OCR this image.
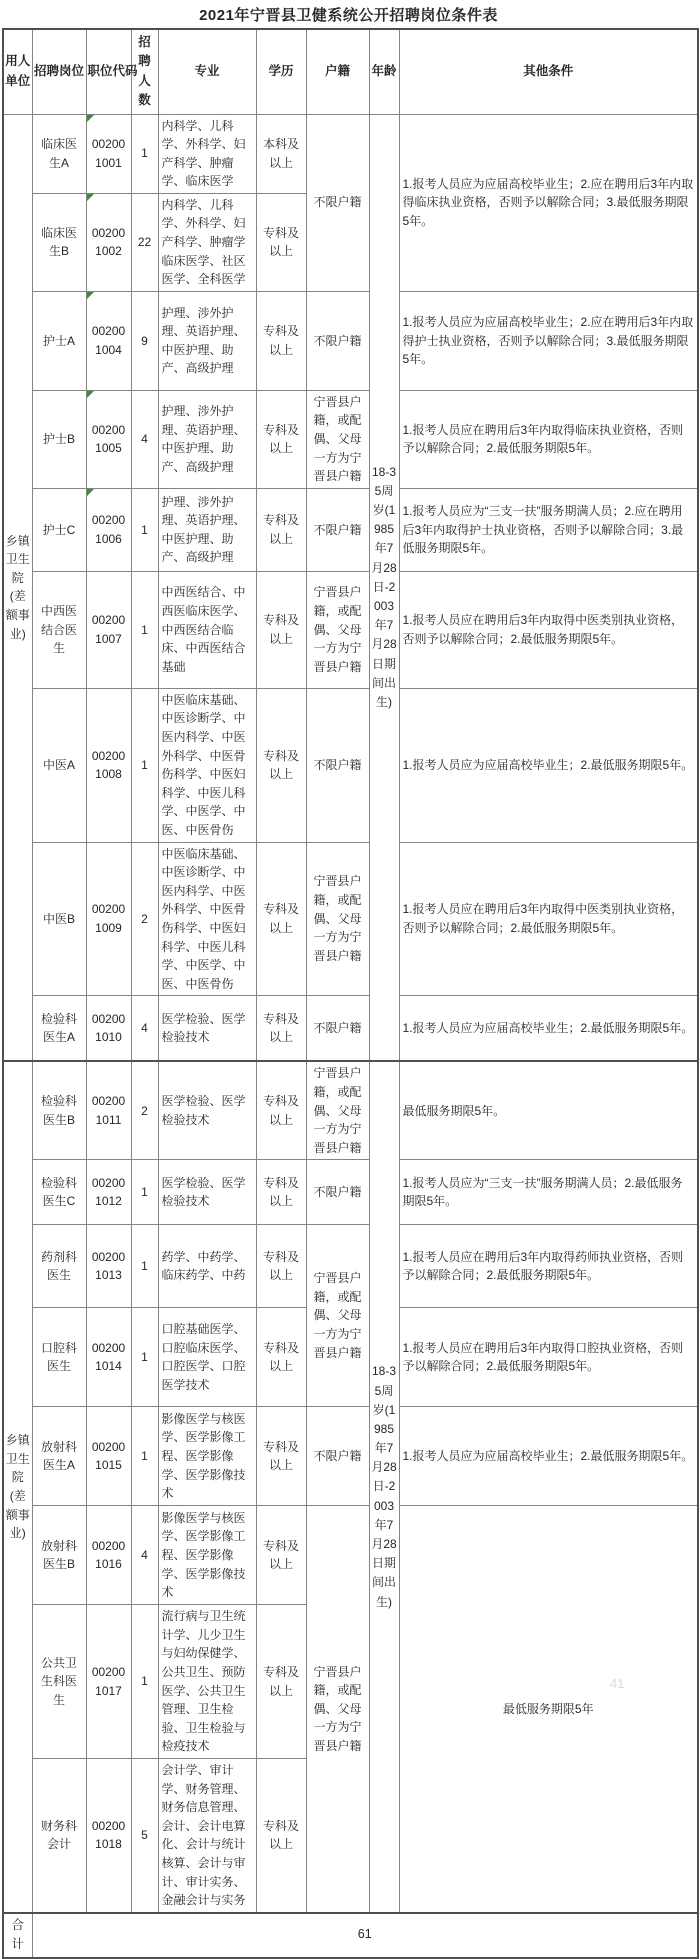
2021年宁晋县卫健系统公开招聘岗位条件表
用人单位	招聘岗位	职位代码	招聘人数	专业	学历	户籍	年龄	其他条件
乡镇卫生院(差额事业)	临床医生A	002001001	1	内科学、儿科学、外科学、妇产科学、肿瘤学、临床医学	本科及以上	不限户籍	18-35周岁(1985年7月28日-2003年7月28日期间出生)	1.报考人员应为应届高校毕业生；2.应在聘用后3年内取得临床执业资格，否则予以解除合同；3.最低服务期限5年。
	临床医生B	002001002	22	内科学、儿科学、外科学、妇产科学、肿瘤学临床医学、社区医学、全科医学	专科及以上			
	护士A	002001004	9	护理、涉外护理、英语护理、中医护理、助产、高级护理	专科及以上	不限户籍		1.报考人员应为应届高校毕业生；2.应在聘用后3年内取得护士执业资格，否则予以解除合同；3.最低服务期限5年。
	护士B	002001005	4	护理、涉外护理、英语护理、中医护理、助产、高级护理	专科及以上	宁晋县户籍，或配偶、父母一方为宁晋县户籍		1.报考人员应在聘用后3年内取得临床执业资格，否则予以解除合同；2.最低服务期限5年。
	护士C	002001006	1	护理、涉外护理、英语护理、中医护理、助产、高级护理	专科及以上	不限户籍		1.报考人员应为“三支一扶”服务期满人员；2.应在聘用后3年内取得护士执业资格，否则予以解除合同；3.最低服务期限5年。
	中西医结合医生	002001007	1	中西医结合、中西医临床医学、中西医结合临床、中西医结合基础	专科及以上	宁晋县户籍，或配偶、父母一方为宁晋县户籍		1.报考人员应在聘用后3年内取得中医类别执业资格，否则予以解除合同；2.最低服务期限5年。
	中医A	002001008	1	中医临床基础、中医诊断学、中医内科学、中医外科学、中医骨伤科学、中医妇科学、中医儿科学、中医学、中医、中医骨伤	专科及以上	不限户籍		1.报考人员应为应届高校毕业生；2.最低服务期限5年。
	中医B	002001009	2	中医临床基础、中医诊断学、中医内科学、中医外科学、中医骨伤科学、中医妇科学、中医儿科学、中医学、中医、中医骨伤	专科及以上	宁晋县户籍，或配偶、父母一方为宁晋县户籍		1.报考人员应在聘用后3年内取得中医类别执业资格，否则予以解除合同；2.最低服务期限5年。
	检验科医生A	002001010	4	医学检验、医学检验技术	专科及以上	不限户籍		1.报考人员应为应届高校毕业生；2.最低服务期限5年。
乡镇卫生院(差额事业)	检验科医生B	002001011	2	医学检验、医学检验技术	专科及以上	宁晋县户籍，或配偶、父母一方为宁晋县户籍	18-35周岁(1985年7月28日-2003年7月28日期间出生)	最低服务期限5年。
	检验科医生C	002001012	1	医学检验、医学检验技术	专科及以上	不限户籍		1.报考人员应为“三支一扶”服务期满人员；2.最低服务期限5年。
	药剂科医生	002001013	1	药学、中药学、临床药学、中药	专科及以上	宁晋县户籍，或配偶、父母一方为宁晋县户籍		1.报考人员应在聘用后3年内取得药师执业资格，否则予以解除合同；2.最低服务期限5年。
	口腔科医生	002001014	1	口腔基础医学、口腔临床医学、口腔医学、口腔医学技术	专科及以上			1.报考人员应在聘用后3年内取得口腔执业资格，否则予以解除合同；2.最低服务期限5年。
	放射科医生A	002001015	1	影像医学与核医学、医学影像工程、医学影像学、医学影像技术	专科及以上	不限户籍		1.报考人员应为应届高校毕业生；2.最低服务期限5年。
	放射科医生B	002001016	4	影像医学与核医学、医学影像工程、医学影像学、医学影像技术	专科及以上	宁晋县户籍，或配偶、父母一方为宁晋县户籍		最低服务期限5年
	公共卫生科医生	002001017	1	流行病与卫生统计学、儿少卫生与妇幼保健学、公共卫生、预防医学、公共卫生管理、卫生检验、卫生检验与检疫技术	专科及以上			
	财务科会计	002001018	5	会计学、审计学、财务管理、财务信息管理、会计、会计电算化、会计与统计核算、会计与审计、审计实务、金融会计与实务	专科及以上			
合计	61							
41
